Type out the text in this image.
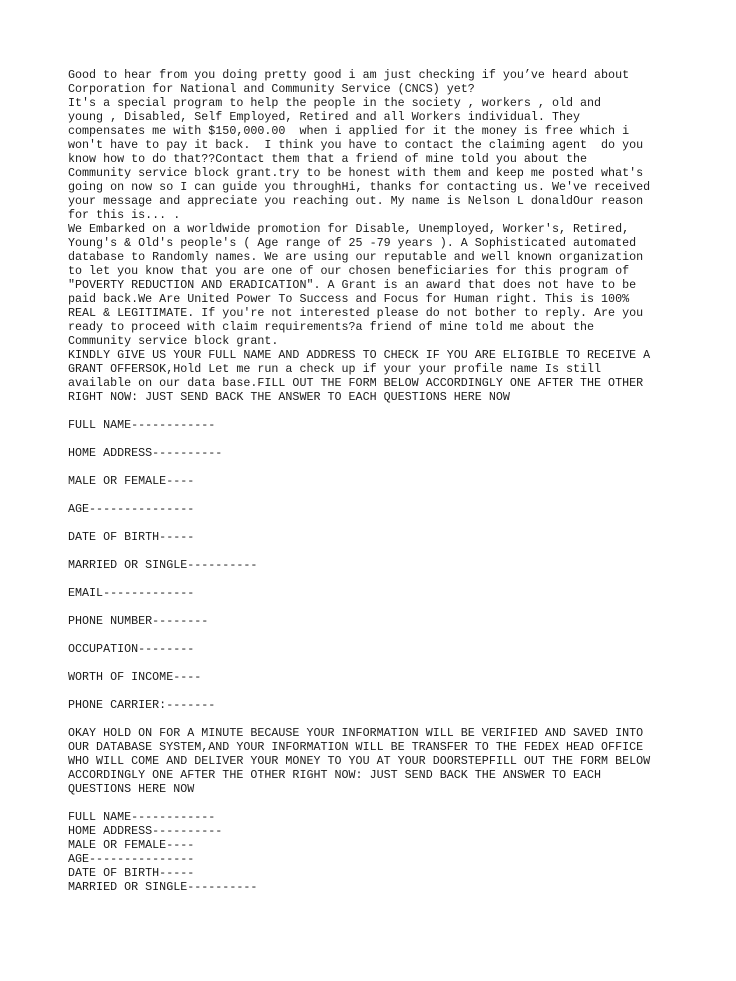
Good to hear from you doing pretty good i am just checking if you’ve heard about
Corporation for National and Community Service (CNCS) yet?
It's a special program to help the people in the society , workers , old and
young , Disabled, Self Employed, Retired and all Workers individual. They
compensates me with $150,000.00  when i applied for it the money is free which i
won't have to pay it back.  I think you have to contact the claiming agent  do you
know how to do that??Contact them that a friend of mine told you about the
Community service block grant.try to be honest with them and keep me posted what's
going on now so I can guide you throughHi, thanks for contacting us. We've received
your message and appreciate you reaching out. My name is Nelson L donaldOur reason
for this is... .
We Embarked on a worldwide promotion for Disable, Unemployed, Worker's, Retired,
Young's & Old's people's ( Age range of 25 -79 years ). A Sophisticated automated
database to Randomly names. We are using our reputable and well known organization
to let you know that you are one of our chosen beneficiaries for this program of
"POVERTY REDUCTION AND ERADICATION". A Grant is an award that does not have to be
paid back.We Are United Power To Success and Focus for Human right. This is 100%
REAL & LEGITIMATE. If you're not interested please do not bother to reply. Are you
ready to proceed with claim requirements?a friend of mine told me about the
Community service block grant.
KINDLY GIVE US YOUR FULL NAME AND ADDRESS TO CHECK IF YOU ARE ELIGIBLE TO RECEIVE A
GRANT OFFERSOK,Hold Let me run a check up if your your profile name Is still
available on our data base.FILL OUT THE FORM BELOW ACCORDINGLY ONE AFTER THE OTHER
RIGHT NOW: JUST SEND BACK THE ANSWER TO EACH QUESTIONS HERE NOW
FULL NAME------------
HOME ADDRESS----------
MALE OR FEMALE----
AGE---------------
DATE OF BIRTH-----
MARRIED OR SINGLE----------
EMAIL-------------
PHONE NUMBER--------
OCCUPATION--------
WORTH OF INCOME----
PHONE CARRIER:-------
OKAY HOLD ON FOR A MINUTE BECAUSE YOUR INFORMATION WILL BE VERIFIED AND SAVED INTO
OUR DATABASE SYSTEM,AND YOUR INFORMATION WILL BE TRANSFER TO THE FEDEX HEAD OFFICE
WHO WILL COME AND DELIVER YOUR MONEY TO YOU AT YOUR DOORSTEPFILL OUT THE FORM BELOW
ACCORDINGLY ONE AFTER THE OTHER RIGHT NOW: JUST SEND BACK THE ANSWER TO EACH
QUESTIONS HERE NOW
FULL NAME------------
HOME ADDRESS----------
MALE OR FEMALE----
AGE---------------
DATE OF BIRTH-----
MARRIED OR SINGLE----------
